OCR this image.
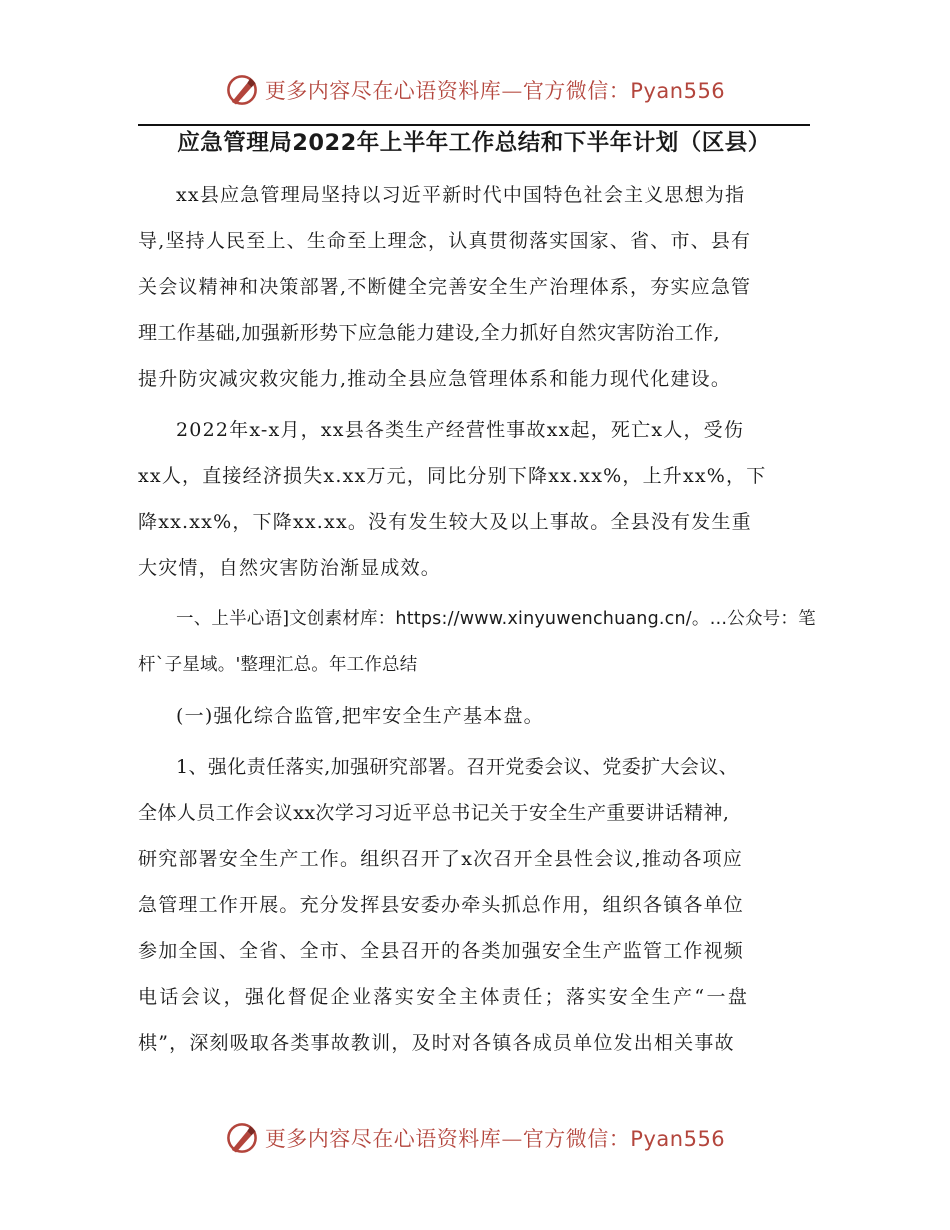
更多内容尽在心语资料库—官方微信：Pyan556
应急管理局2022年上半年工作总结和下半年计划（区县）
xx县应急管理局坚持以习近平新时代中国特色社会主义思想为指
导,坚持人民至上、生命至上理念，认真贯彻落实国家、省、市、县有
关会议精神和决策部署,不断健全完善安全生产治理体系，夯实应急管
理工作基础,加强新形势下应急能力建设,全力抓好自然灾害防治工作,
提升防灾减灾救灾能力,推动全县应急管理体系和能力现代化建设。
2022年x-x月，xx县各类生产经营性事故xx起，死亡x人，受伤
xx人，直接经济损失x.xx万元，同比分别下降xx.xx%，上升xx%，下
降xx.xx%，下降xx.xx。没有发生较大及以上事故。全县没有发生重
大灾情，自然灾害防治渐显成效。
一、上半心语]文创素材库：https://www.xinyuwenchuang.cn/。…公众号：笔
杆`子星域。'整理汇总。年工作总结
(一)强化综合监管,把牢安全生产基本盘。
1、强化责任落实,加强研究部署。召开党委会议、党委扩大会议、
全体人员工作会议xx次学习习近平总书记关于安全生产重要讲话精神,
研究部署安全生产工作。组织召开了x次召开全县性会议,推动各项应
急管理工作开展。充分发挥县安委办牵头抓总作用，组织各镇各单位
参加全国、全省、全市、全县召开的各类加强安全生产监管工作视频
电话会议，强化督促企业落实安全主体责任；落实安全生产“一盘
棋”，深刻吸取各类事故教训，及时对各镇各成员单位发出相关事故
更多内容尽在心语资料库—官方微信：Pyan556
